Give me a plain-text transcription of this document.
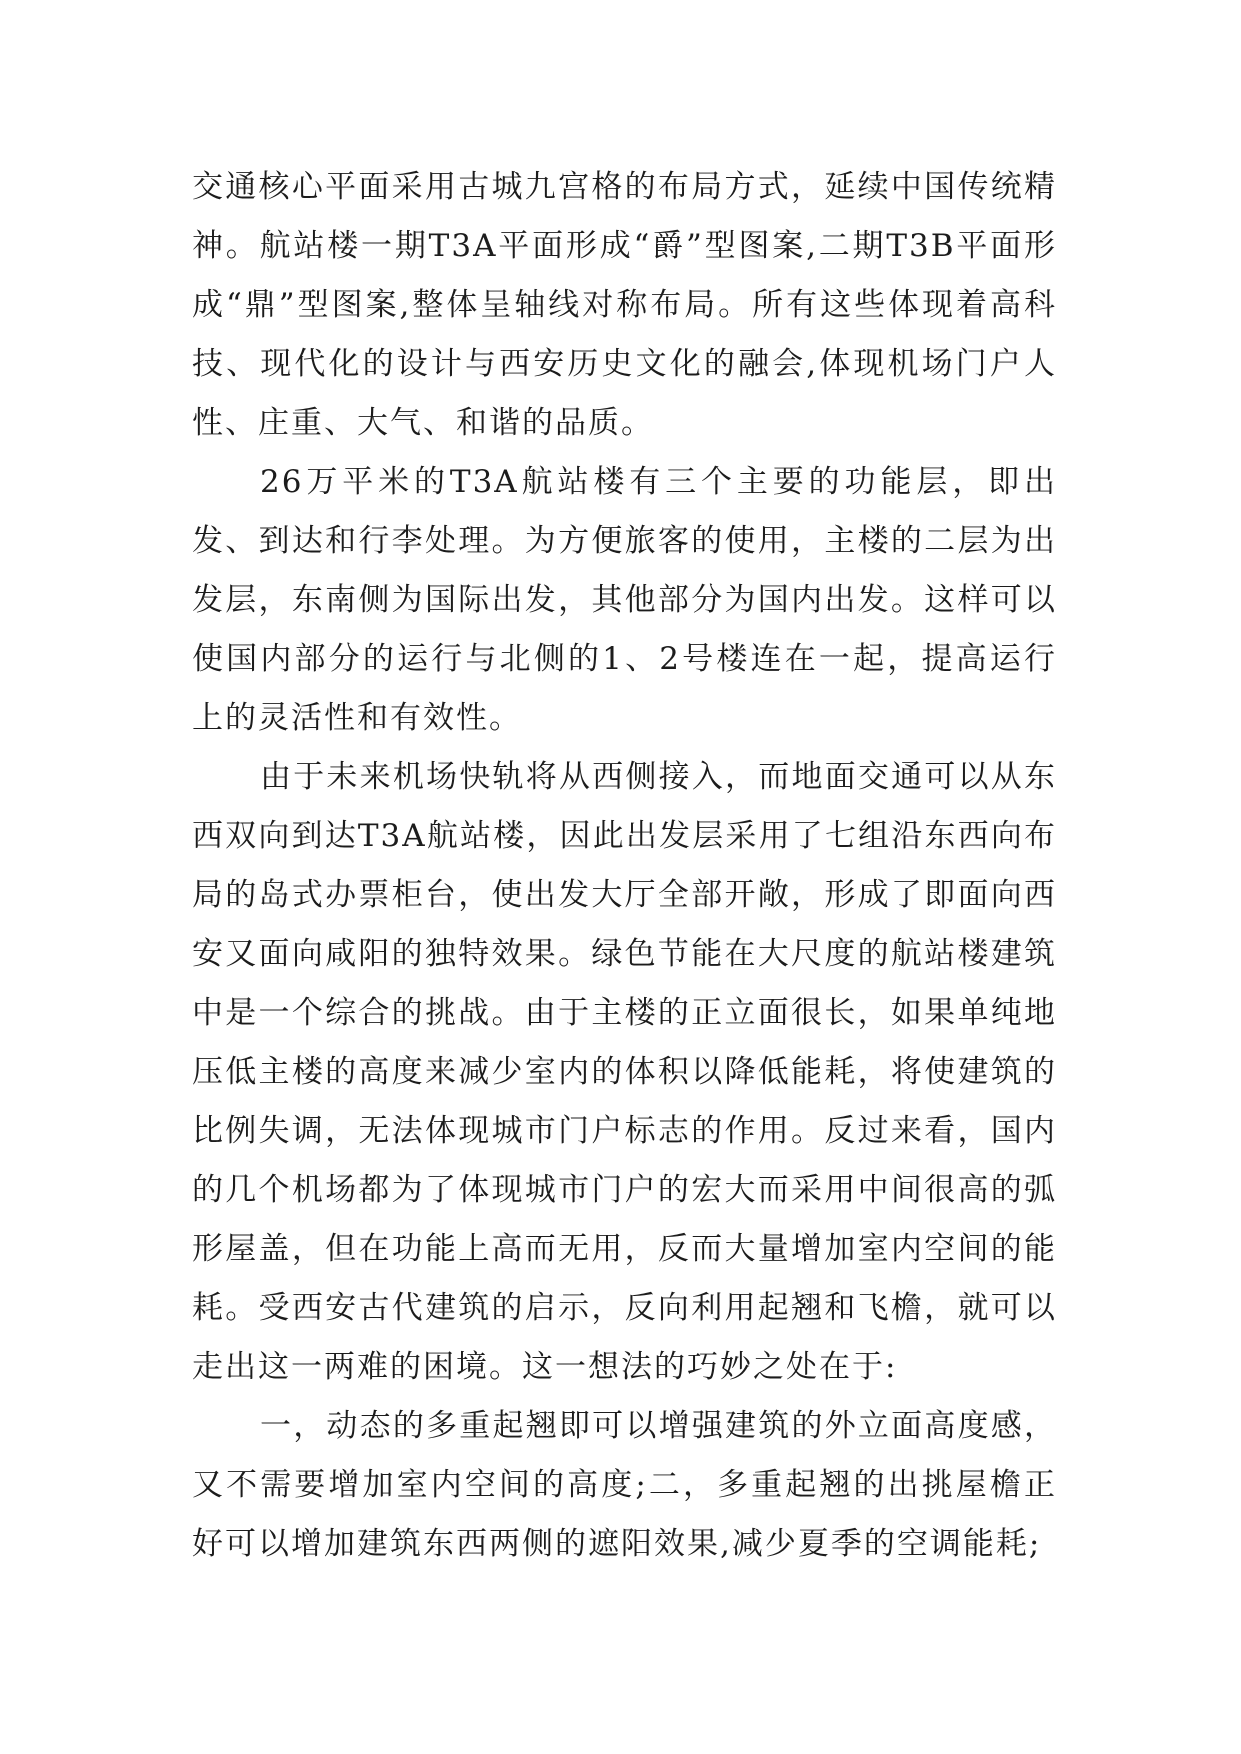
交通核心平面采用古城九宫格的布局方式，延续中国传统精神。航站楼一期T3A平面形成“爵”型图案,二期T3B平面形成“鼎”型图案,整体呈轴线对称布局。所有这些体现着高科技、现代化的设计与西安历史文化的融会,体现机场门户人性、庄重、大气、和谐的品质。

26万平米的T3A航站楼有三个主要的功能层，即出发、到达和行李处理。为方便旅客的使用，主楼的二层为出发层，东南侧为国际出发，其他部分为国内出发。这样可以使国内部分的运行与北侧的1、2号楼连在一起，提高运行上的灵活性和有效性。

由于未来机场快轨将从西侧接入，而地面交通可以从东西双向到达T3A航站楼，因此出发层采用了七组沿东西向布局的岛式办票柜台，使出发大厅全部开敞，形成了即面向西安又面向咸阳的独特效果。绿色节能在大尺度的航站楼建筑中是一个综合的挑战。由于主楼的正立面很长，如果单纯地压低主楼的高度来减少室内的体积以降低能耗，将使建筑的比例失调，无法体现城市门户标志的作用。反过来看，国内的几个机场都为了体现城市门户的宏大而采用中间很高的弧形屋盖，但在功能上高而无用，反而大量增加室内空间的能耗。受西安古代建筑的启示，反向利用起翘和飞檐，就可以走出这一两难的困境。这一想法的巧妙之处在于:

一，动态的多重起翘即可以增强建筑的外立面高度感，又不需要增加室内空间的高度;二，多重起翘的出挑屋檐正好可以增加建筑东西两侧的遮阳效果,减少夏季的空调能耗;
